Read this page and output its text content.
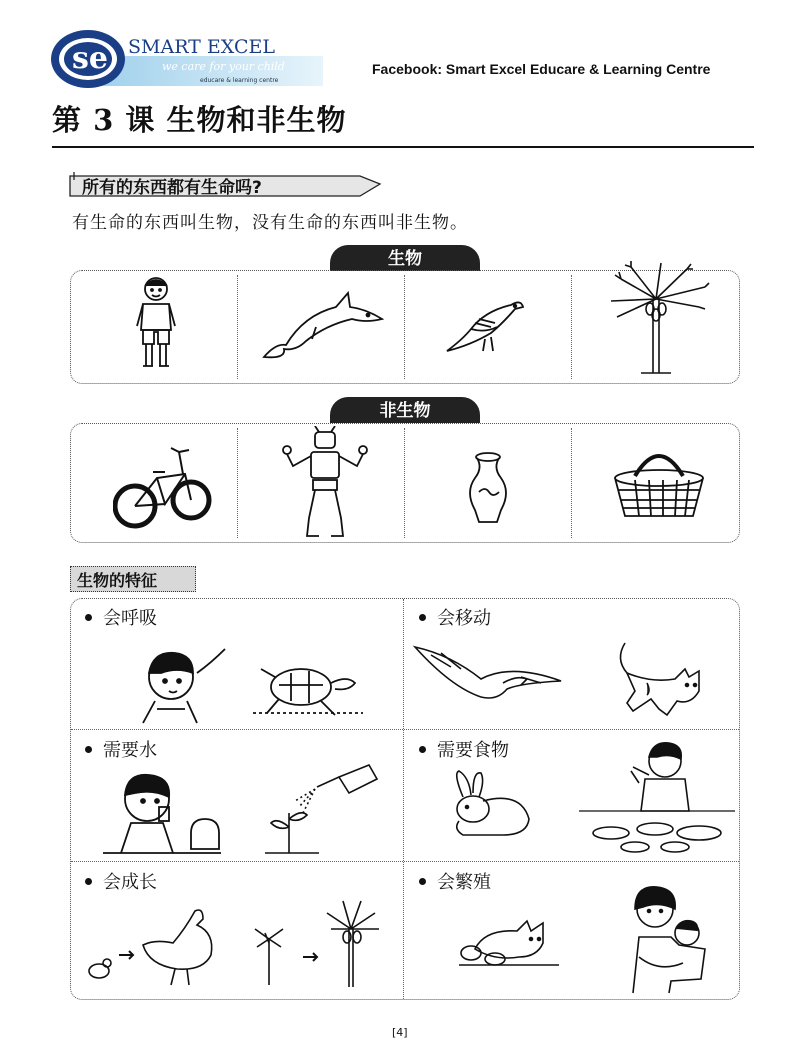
se SMART EXCEL
we care for your child
educare & learning centre
Facebook: Smart Excel Educare & Learning Centre
第 3 课 生物和非生物
所有的东西都有生命吗?
有生命的东西叫生物，没有生命的东西叫非生物。
生物
非生物
生物的特征
会呼吸	会移动
需要水	需要食物
会成长	会繁殖
[4]
